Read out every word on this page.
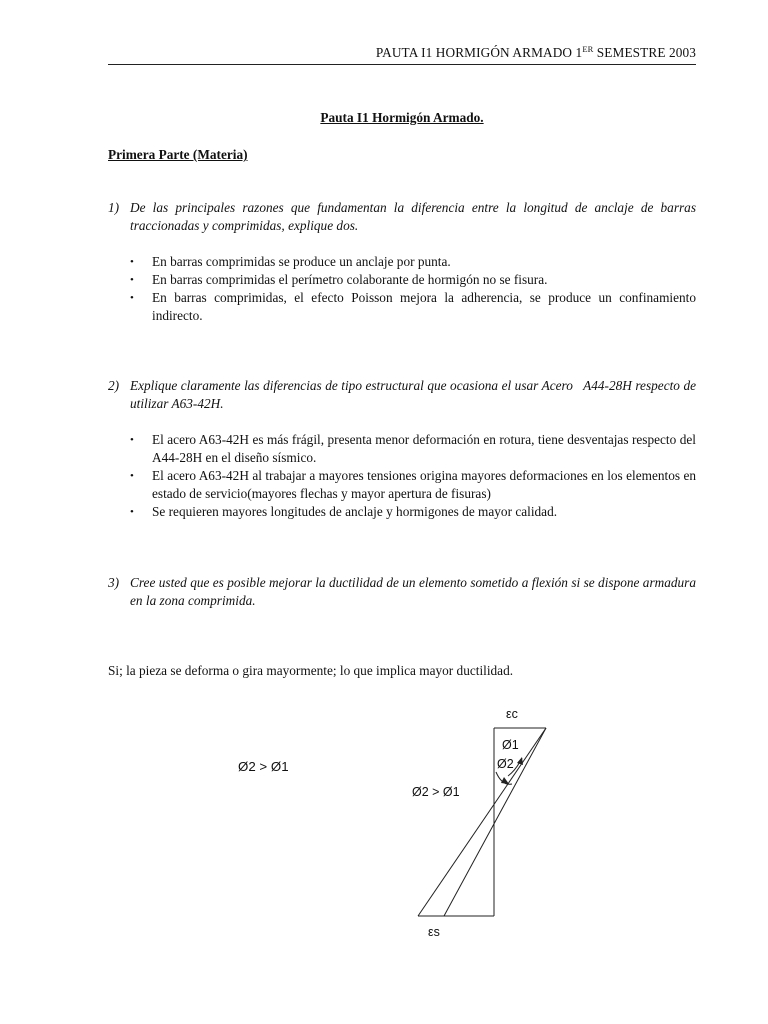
PAUTA I1 HORMIGÓN ARMADO 1ER SEMESTRE 2003
Pauta I1 Hormigón Armado.
Primera Parte (Materia)
1) De las principales razones que fundamentan la diferencia entre la longitud de anclaje de barras traccionadas y comprimidas, explique dos.
• En barras comprimidas se produce un anclaje por punta.
• En barras comprimidas el perímetro colaborante de hormigón no se fisura.
• En barras comprimidas, el efecto Poisson mejora la adherencia, se produce un confinamiento indirecto.
2) Explique claramente las diferencias de tipo estructural que ocasiona el usar Acero   A44-28H respecto de utilizar A63-42H.
• El acero A63-42H es más frágil, presenta menor deformación en rotura, tiene desventajas respecto del A44-28H en el diseño sísmico.
• El acero A63-42H al trabajar a mayores tensiones origina mayores deformaciones en los elementos en estado de servicio(mayores flechas y mayor apertura de fisuras)
• Se requieren mayores longitudes de anclaje y hormigones de mayor calidad.
3) Cree usted que es posible mejorar la ductilidad de un elemento sometido a flexión si se dispone armadura en la zona comprimida.
Si; la pieza se deforma o gira mayormente; lo que implica mayor ductilidad.
Ø2 > Ø1
εc
Ø1
Ø2
Ø2 > Ø1
εs
